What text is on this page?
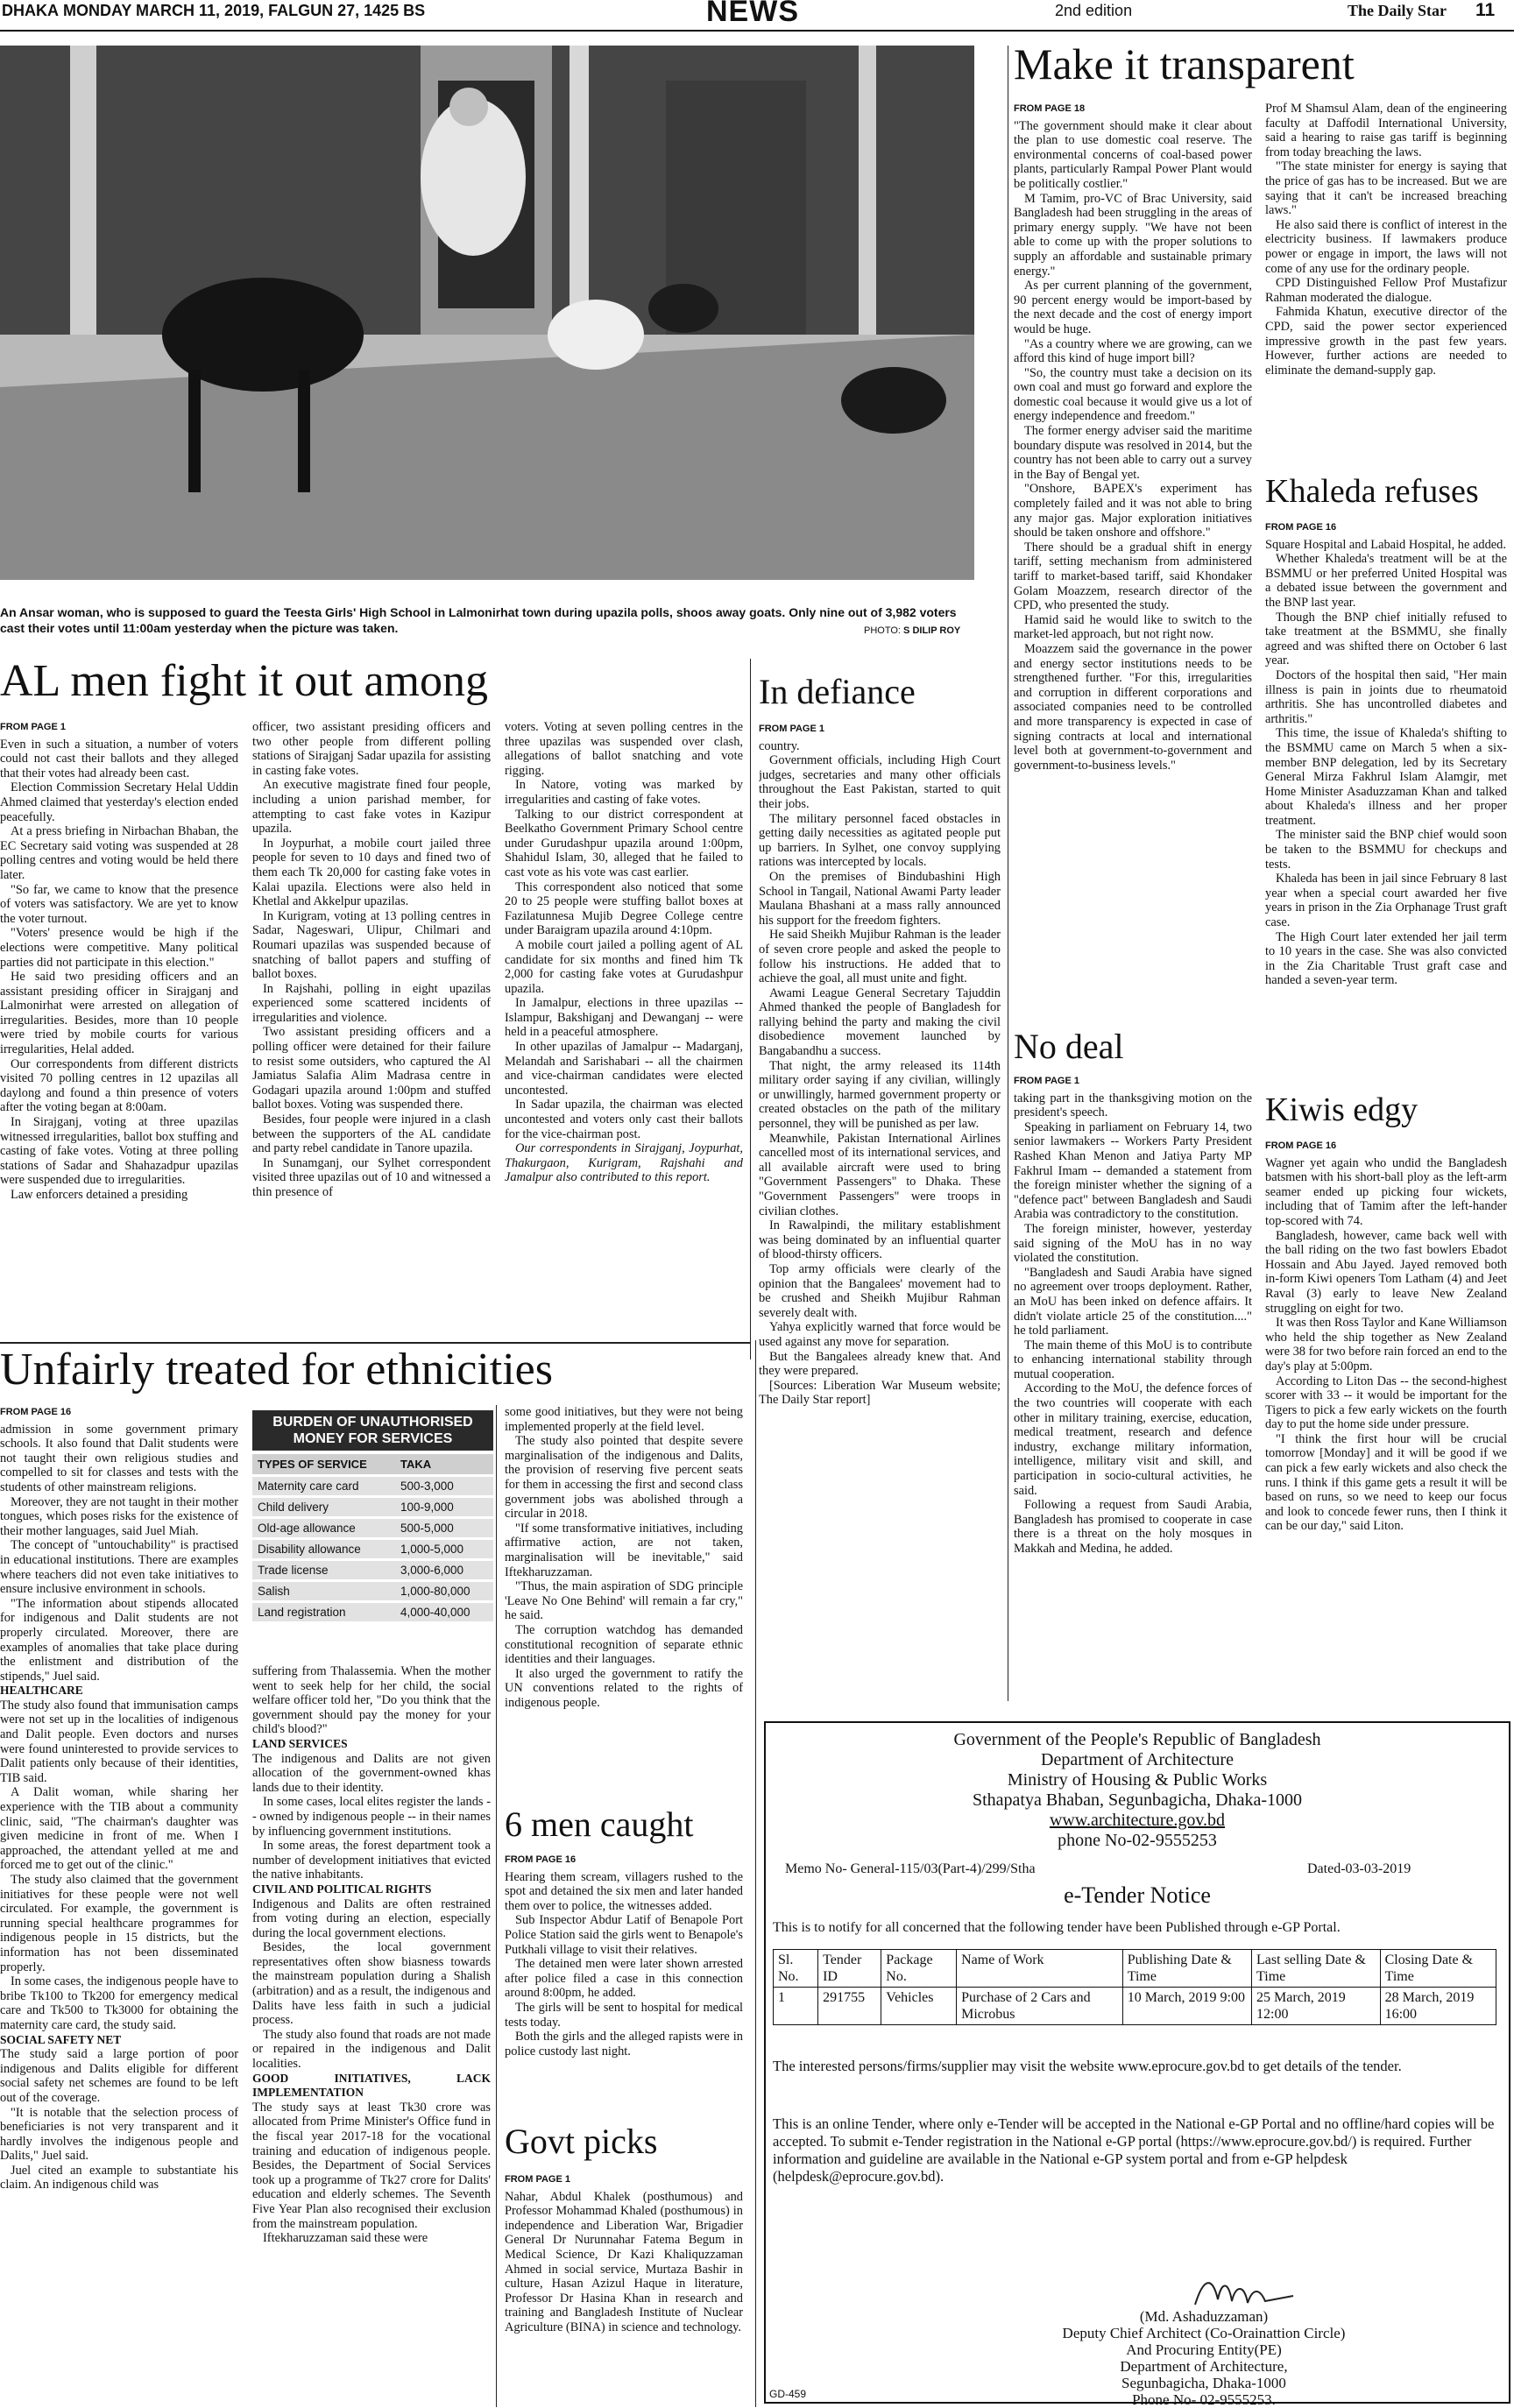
DHAKA MONDAY MARCH 11, 2019, FALGUN 27, 1425 BS	NEWS	2nd edition	The Daily Star 11
An Ansar woman, who is supposed to guard the Teesta Girls' High School in Lalmonirhat town during upazila polls, shoos away goats. Only nine out of 3,982 voters cast their votes until 11:00am yesterday when the picture was taken.	PHOTO: S DILIP ROY
AL men fight it out among

FROM PAGE 1

Even in such a situation, a number of voters could not cast their ballots and they alleged that their votes had already been cast.

Election Commission Secretary Helal Uddin Ahmed claimed that yesterday's election ended peacefully.

At a press briefing in Nirbachan Bhaban, the EC Secretary said voting was suspended at 28 polling centres and voting would be held there later.

"So far, we came to know that the presence of voters was satisfactory. We are yet to know the voter turnout.

"Voters' presence would be high if the elections were competitive. Many political parties did not participate in this election."

He said two presiding officers and an assistant presiding officer in Sirajganj and Lalmonirhat were arrested on allegation of irregularities. Besides, more than 10 people were tried by mobile courts for various irregularities, Helal added.

Our correspondents from different districts visited 70 polling centres in 12 upazilas all daylong and found a thin presence of voters after the voting began at 8:00am.

In Sirajganj, voting at three upazilas witnessed irregularities, ballot box stuffing and casting of fake votes. Voting at three polling stations of Sadar and Shahazadpur upazilas were suspended due to irregularities.

Law enforcers detained a presiding

officer, two assistant presiding officers and two other people from different polling stations of Sirajganj Sadar upazila for assisting in casting fake votes.

An executive magistrate fined four people, including a union parishad member, for attempting to cast fake votes in Kazipur upazila.

In Joypurhat, a mobile court jailed three people for seven to 10 days and fined two of them each Tk 20,000 for casting fake votes in Kalai upazila. Elections were also held in Khetlal and Akkelpur upazilas.

In Kurigram, voting at 13 polling centres in Sadar, Nageswari, Ulipur, Chilmari and Roumari upazilas was suspended because of snatching of ballot papers and stuffing of ballot boxes.

In Rajshahi, polling in eight upazilas experienced some scattered incidents of irregularities and violence.

Two assistant presiding officers and a polling officer were detained for their failure to resist some outsiders, who captured the Al Jamiatus Salafia Alim Madrasa centre in Godagari upazila around 1:00pm and stuffed ballot boxes. Voting was suspended there.

Besides, four people were injured in a clash between the supporters of the AL candidate and party rebel candidate in Tanore upazila.

In Sunamganj, our Sylhet correspondent visited three upazilas out of 10 and witnessed a thin presence of

voters. Voting at seven polling centres in the three upazilas was suspended over clash, allegations of ballot snatching and vote rigging.

In Natore, voting was marked by irregularities and casting of fake votes.

Talking to our district correspondent at Beelkatho Government Primary School centre under Gurudashpur upazila around 1:00pm, Shahidul Islam, 30, alleged that he failed to cast vote as his vote was cast earlier.

This correspondent also noticed that some 20 to 25 people were stuffing ballot boxes at Fazilatunnesa Mujib Degree College centre under Baraigram upazila around 4:10pm.

A mobile court jailed a polling agent of AL candidate for six months and fined him Tk 2,000 for casting fake votes at Gurudashpur upazila.

In Jamalpur, elections in three upazilas -- Islampur, Bakshiganj and Dewanganj -- were held in a peaceful atmosphere.

In other upazilas of Jamalpur -- Madarganj, Melandah and Sarishabari -- all the chairmen and vice-chairman candidates were elected uncontested.

In Sadar upazila, the chairman was elected uncontested and voters only cast their ballots for the vice-chairman post.

Our correspondents in Sirajganj, Joypurhat, Thakurgaon, Kurigram, Rajshahi and Jamalpur also contributed to this report.

In defiance

FROM PAGE 1

country.

Government officials, including High Court judges, secretaries and many other officials throughout the East Pakistan, started to quit their jobs.

The military personnel faced obstacles in getting daily necessities as agitated people put up barriers. In Sylhet, one convoy supplying rations was intercepted by locals.

On the premises of Bindubashini High School in Tangail, National Awami Party leader Maulana Bhashani at a mass rally announced his support for the freedom fighters.

He said Sheikh Mujibur Rahman is the leader of seven crore people and asked the people to follow his instructions. He added that to achieve the goal, all must unite and fight.

Awami League General Secretary Tajuddin Ahmed thanked the people of Bangladesh for rallying behind the party and making the civil disobedience movement launched by Bangabandhu a success.

That night, the army released its 114th military order saying if any civilian, willingly or unwillingly, harmed government property or created obstacles on the path of the military personnel, they will be punished as per law.

Meanwhile, Pakistan International Airlines cancelled most of its international services, and all available aircraft were used to bring "Government Passengers" to Dhaka. These "Government Passengers" were troops in civilian clothes.

In Rawalpindi, the military establishment was being dominated by an influential quarter of blood-thirsty officers.

Top army officials were clearly of the opinion that the Bangalees' movement had to be crushed and Sheikh Mujibur Rahman severely dealt with.

Yahya explicitly warned that force would be used against any move for separation.

But the Bangalees already knew that. And they were prepared.

[Sources: Liberation War Museum website; The Daily Star report]

Make it transparent

FROM PAGE 18

"The government should make it clear about the plan to use domestic coal reserve. The environmental concerns of coal-based power plants, particularly Rampal Power Plant would be politically costlier."

M Tamim, pro-VC of Brac University, said Bangladesh had been struggling in the areas of primary energy supply. "We have not been able to come up with the proper solutions to supply an affordable and sustainable primary energy."

As per current planning of the government, 90 percent energy would be import-based by the next decade and the cost of energy import would be huge.

"As a country where we are growing, can we afford this kind of huge import bill?

"So, the country must take a decision on its own coal and must go forward and explore the domestic coal because it would give us a lot of energy independence and freedom."

The former energy adviser said the maritime boundary dispute was resolved in 2014, but the country has not been able to carry out a survey in the Bay of Bengal yet.

"Onshore, BAPEX's experiment has completely failed and it was not able to bring any major gas. Major exploration initiatives should be taken onshore and offshore."

There should be a gradual shift in energy tariff, setting mechanism from administered tariff to market-based tariff, said Khondaker Golam Moazzem, research director of the CPD, who presented the study.

Hamid said he would like to switch to the market-led approach, but not right now.

Moazzem said the governance in the power and energy sector institutions needs to be strengthened further. "For this, irregularities and corruption in different corporations and associated companies need to be controlled and more transparency is expected in case of signing contracts at local and international level both at government-to-government and government-to-business levels."

Prof M Shamsul Alam, dean of the engineering faculty at Daffodil International University, said a hearing to raise gas tariff is beginning from today breaching the laws.

"The state minister for energy is saying that the price of gas has to be increased. But we are saying that it can't be increased breaching laws."

He also said there is conflict of interest in the electricity business. If lawmakers produce power or engage in import, the laws will not come of any use for the ordinary people.

CPD Distinguished Fellow Prof Mustafizur Rahman moderated the dialogue.

Fahmida Khatun, executive director of the CPD, said the power sector experienced impressive growth in the past few years. However, further actions are needed to eliminate the demand-supply gap.

Khaleda refuses

FROM PAGE 16

Square Hospital and Labaid Hospital, he added.

Whether Khaleda's treatment will be at the BSMMU or her preferred United Hospital was a debated issue between the government and the BNP last year.

Though the BNP chief initially refused to take treatment at the BSMMU, she finally agreed and was shifted there on October 6 last year.

Doctors of the hospital then said, "Her main illness is pain in joints due to rheumatoid arthritis. She has uncontrolled diabetes and arthritis."

This time, the issue of Khaleda's shifting to the BSMMU came on March 5 when a six-member BNP delegation, led by its Secretary General Mirza Fakhrul Islam Alamgir, met Home Minister Asaduzzaman Khan and talked about Khaleda's illness and her proper treatment.

The minister said the BNP chief would soon be taken to the BSMMU for checkups and tests.

Khaleda has been in jail since February 8 last year when a special court awarded her five years in prison in the Zia Orphanage Trust graft case.

The High Court later extended her jail term to 10 years in the case. She was also convicted in the Zia Charitable Trust graft case and handed a seven-year term.

No deal

FROM PAGE 1

taking part in the thanksgiving motion on the president's speech.

Speaking in parliament on February 14, two senior lawmakers -- Workers Party President Rashed Khan Menon and Jatiya Party MP Fakhrul Imam -- demanded a statement from the foreign minister whether the signing of a "defence pact" between Bangladesh and Saudi Arabia was contradictory to the constitution.

The foreign minister, however, yesterday said signing of the MoU has in no way violated the constitution.

"Bangladesh and Saudi Arabia have signed no agreement over troops deployment. Rather, an MoU has been inked on defence affairs. It didn't violate article 25 of the constitution...." he told parliament.

The main theme of this MoU is to contribute to enhancing international stability through mutual cooperation.

According to the MoU, the defence forces of the two countries will cooperate with each other in military training, exercise, education, medical treatment, research and defence industry, exchange military information, intelligence, military visit and skill, and participation in socio-cultural activities, he said.

Following a request from Saudi Arabia, Bangladesh has promised to cooperate in case there is a threat on the holy mosques in Makkah and Medina, he added.

Kiwis edgy

FROM PAGE 16

Wagner yet again who undid the Bangladesh batsmen with his short-ball ploy as the left-arm seamer ended up picking four wickets, including that of Tamim after the left-hander top-scored with 74.

Bangladesh, however, came back well with the ball riding on the two fast bowlers Ebadot Hossain and Abu Jayed. Jayed removed both in-form Kiwi openers Tom Latham (4) and Jeet Raval (3) early to leave New Zealand struggling on eight for two.

It was then Ross Taylor and Kane Williamson who held the ship together as New Zealand were 38 for two before rain forced an end to the day's play at 5:00pm.

According to Liton Das -- the second-highest scorer with 33 -- it would be important for the Tigers to pick a few early wickets on the fourth day to put the home side under pressure.

"I think the first hour will be crucial tomorrow [Monday] and it will be good if we can pick a few early wickets and also check the runs. I think if this game gets a result it will be based on runs, so we need to keep our focus and look to concede fewer runs, then I think it can be our day," said Liton.

Unfairly treated for ethnicities

FROM PAGE 16

admission in some government primary schools. It also found that Dalit students were not taught their own religious studies and compelled to sit for classes and tests with the students of other mainstream religions.

Moreover, they are not taught in their mother tongues, which poses risks for the existence of their mother languages, said Juel Miah.

The concept of "untouchability" is practised in educational institutions. There are examples where teachers did not even take initiatives to ensure inclusive environment in schools.

"The information about stipends allocated for indigenous and Dalit students are not properly circulated. Moreover, there are examples of anomalies that take place during the enlistment and distribution of the stipends," Juel said.

HEALTHCARE

The study also found that immunisation camps were not set up in the localities of indigenous and Dalit people. Even doctors and nurses were found uninterested to provide services to Dalit patients only because of their identities, TIB said.

A Dalit woman, while sharing her experience with the TIB about a community clinic, said, "The chairman's daughter was given medicine in front of me. When I approached, the attendant yelled at me and forced me to get out of the clinic."

The study also claimed that the government initiatives for these people were not well circulated. For example, the government is running special healthcare programmes for indigenous people in 15 districts, but the information has not been disseminated properly.

In some cases, the indigenous people have to bribe Tk100 to Tk200 for emergency medical care and Tk500 to Tk3000 for obtaining the maternity care card, the study said.

SOCIAL SAFETY NET

The study said a large portion of poor indigenous and Dalits eligible for different social safety net schemes are found to be left out of the coverage.

"It is notable that the selection process of beneficiaries is not very transparent and it hardly involves the indigenous people and Dalits," Juel said.

Juel cited an example to substantiate his claim. An indigenous child was

BURDEN OF UNAUTHORISED MONEY FOR SERVICES
TYPES OF SERVICE	TAKA
Maternity care card	500-3,000
Child delivery	100-9,000
Old-age allowance	500-5,000
Disability allowance	1,000-5,000
Trade license	3,000-6,000
Salish	1,000-80,000
Land registration	4,000-40,000

suffering from Thalassemia. When the mother went to seek help for her child, the social welfare officer told her, "Do you think that the government should pay the money for your child's blood?"

LAND SERVICES

The indigenous and Dalits are not given allocation of the government-owned khas lands due to their identity.

In some cases, local elites register the lands -- owned by indigenous people -- in their names by influencing government institutions.

In some areas, the forest department took a number of development initiatives that evicted the native inhabitants.

CIVIL AND POLITICAL RIGHTS

Indigenous and Dalits are often restrained from voting during an election, especially during the local government elections.

Besides, the local government representatives often show biasness towards the mainstream population during a Shalish (arbitration) and as a result, the indigenous and Dalits have less faith in such a judicial process.

The study also found that roads are not made or repaired in the indigenous and Dalit localities.

GOOD INITIATIVES, LACK IMPLEMENTATION

The study says at least Tk30 crore was allocated from Prime Minister's Office fund in the fiscal year 2017-18 for the vocational training and education of indigenous people. Besides, the Department of Social Services took up a programme of Tk27 crore for Dalits' education and elderly schemes. The Seventh Five Year Plan also recognised their exclusion from the mainstream population.

Iftekharuzzaman said these were

some good initiatives, but they were not being implemented properly at the field level.

The study also pointed that despite severe marginalisation of the indigenous and Dalits, the provision of reserving five percent seats for them in accessing the first and second class government jobs was abolished through a circular in 2018.

"If some transformative initiatives, including affirmative action, are not taken, marginalisation will be inevitable," said Iftekharuzzaman.

"Thus, the main aspiration of SDG principle 'Leave No One Behind' will remain a far cry," he said.

The corruption watchdog has demanded constitutional recognition of separate ethnic identities and their languages.

It also urged the government to ratify the UN conventions related to the rights of indigenous people.

6 men caught

FROM PAGE 16

Hearing them scream, villagers rushed to the spot and detained the six men and later handed them over to police, the witnesses added.

Sub Inspector Abdur Latif of Benapole Port Police Station said the girls went to Benapole's Putkhali village to visit their relatives.

The detained men were later shown arrested after police filed a case in this connection around 8:00pm, he added.

The girls will be sent to hospital for medical tests today.

Both the girls and the alleged rapists were in police custody last night.

Govt picks

FROM PAGE 1

Nahar, Abdul Khalek (posthumous) and Professor Mohammad Khaled (posthumous) in independence and Liberation War, Brigadier General Dr Nurunnahar Fatema Begum in Medical Science, Dr Kazi Khaliquzzaman Ahmed in social service, Murtaza Bashir in culture, Hasan Azizul Haque in literature, Professor Dr Hasina Khan in research and training and Bangladesh Institute of Nuclear Agriculture (BINA) in science and technology.

Government of the People's Republic of Bangladesh
Department of Architecture
Ministry of Housing & Public Works
Sthapatya Bhaban, Segunbagicha, Dhaka-1000
www.architecture.gov.bd
phone No-02-9555253
Memo No- General-115/03(Part-4)/299/Stha	Dated-03-03-2019
e-Tender Notice
This is to notify for all concerned that the following tender have been Published through e-GP Portal.
Sl. No.	Tender ID	Package No.	Name of Work	Publishing Date & Time	Last selling Date & Time	Closing Date & Time
1	291755	Vehicles	Purchase of 2 Cars and Microbus	10 March, 2019 9:00	25 March, 2019 12:00	28 March, 2019 16:00
The interested persons/firms/supplier may visit the website www.eprocure.gov.bd to get details of the tender.
This is an online Tender, where only e-Tender will be accepted in the National e-GP Portal and no offline/hard copies will be accepted. To submit e-Tender registration in the National e-GP portal (https://www.eprocure.gov.bd/) is required. Further information and guideline are available in the National e-GP system portal and from e-GP helpdesk (helpdesk@eprocure.gov.bd).
(Md. Ashaduzzaman)
Deputy Chief Architect (Co-Orainattion Circle)
And Procuring Entity(PE)
Department of Architecture,
Segunbagicha, Dhaka-1000
Phone No- 02-9555253.
GD-459
